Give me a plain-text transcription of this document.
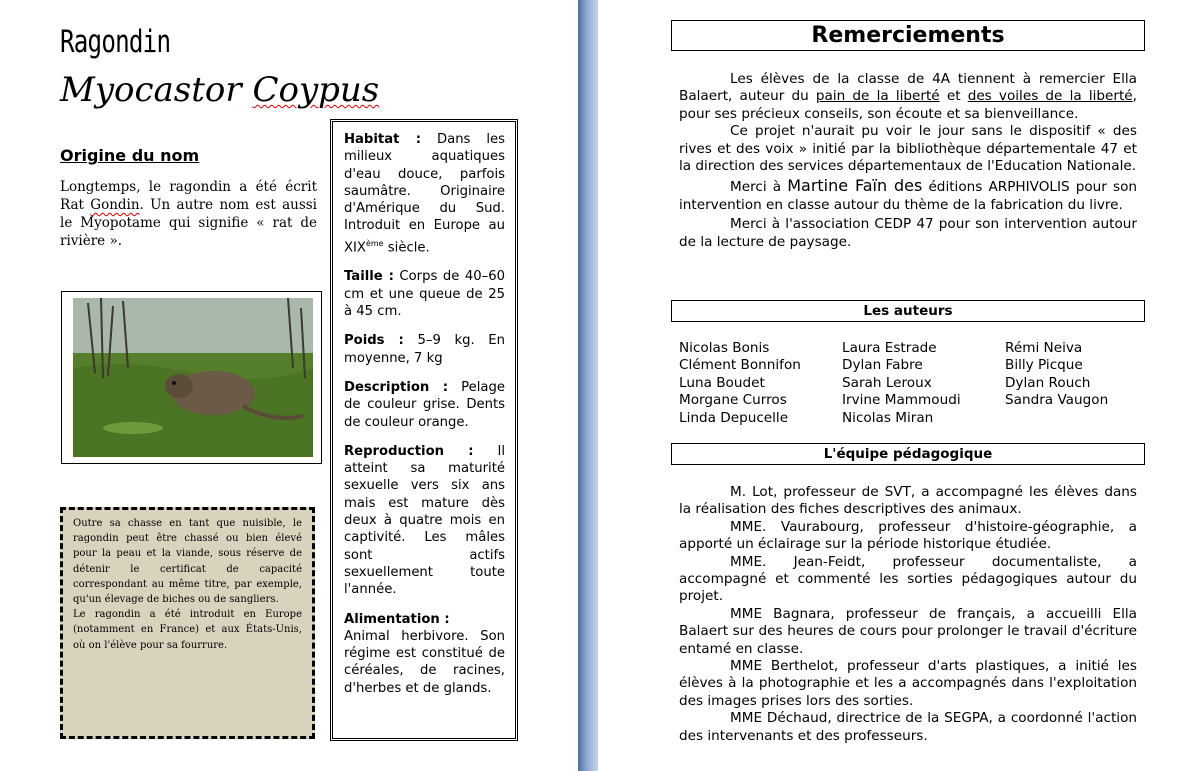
Ragondin
Myocastor Coypus
Origine du nom
Longtemps, le ragondin a été écrit Rat Gondin. Un autre nom est aussi le Myopotame qui signifie « rat de rivière ».
Outre sa chasse en tant que nuisible, le ragondin peut être chassé ou bien élevé pour la peau et la viande, sous réserve de détenir le certificat de capacité correspondant au même titre, par exemple, qu'un élevage de biches ou de sangliers.
Le ragondin a été introduit en Europe (notamment en France) et aux États-Unis, où on l'élève pour sa fourrure.
Habitat : Dans les milieux aquatiques d'eau douce, parfois saumâtre. Originaire d'Amérique du Sud. Introduit en Europe au XIXème siècle.
Taille : Corps de 40–60 cm et une queue de 25 à 45 cm.
Poids : 5–9 kg. En moyenne, 7 kg
Description : Pelage de couleur grise. Dents de couleur orange.
Reproduction : Il atteint sa maturité sexuelle vers six ans mais est mature dès deux à quatre mois en captivité. Les mâles sont actifs sexuellement toute l'année.
Alimentation :
Animal herbivore. Son régime est constitué de céréales, de racines, d'herbes et de glands.
Remerciements

Les élèves de la classe de 4A tiennent à remercier Ella Balaert, auteur du pain de la liberté et des voiles de la liberté, pour ses précieux conseils, son écoute et sa bienveillance.

Ce projet n'aurait pu voir le jour sans le dispositif « des rives et des voix » initié par la bibliothèque départementale 47 et la direction des services départementaux de l'Education Nationale.

Merci à Martine Faïn des éditions ARPHIVOLIS pour son intervention en classe autour du thème de la fabrication du livre.

Merci à l'association CEDP 47 pour son intervention autour de la lecture de paysage.

Les auteurs
Nicolas Bonis	Laura Estrade	Rémi Neiva
Clément Bonnifon	Dylan Fabre	Billy Picque
Luna Boudet	Sarah Leroux	Dylan Rouch
Morgane Curros	Irvine Mammoudi	Sandra Vaugon
Linda Depucelle	Nicolas Miran
L'équipe pédagogique

M. Lot, professeur de SVT, a accompagné les élèves dans la réalisation des fiches descriptives des animaux.

MME. Vaurabourg, professeur d'histoire-géographie, a apporté un éclairage sur la période historique étudiée.

MME. Jean-Feidt, professeur documentaliste, a accompagné et commenté les sorties pédagogiques autour du projet.

MME Bagnara, professeur de français, a accueilli Ella Balaert sur des heures de cours pour prolonger le travail d'écriture entamé en classe.

MME Berthelot, professeur d'arts plastiques, a initié les élèves à la photographie et les a accompagnés dans l'exploitation des images prises lors des sorties.

MME Déchaud, directrice de la SEGPA, a coordonné l'action des intervenants et des professeurs.
